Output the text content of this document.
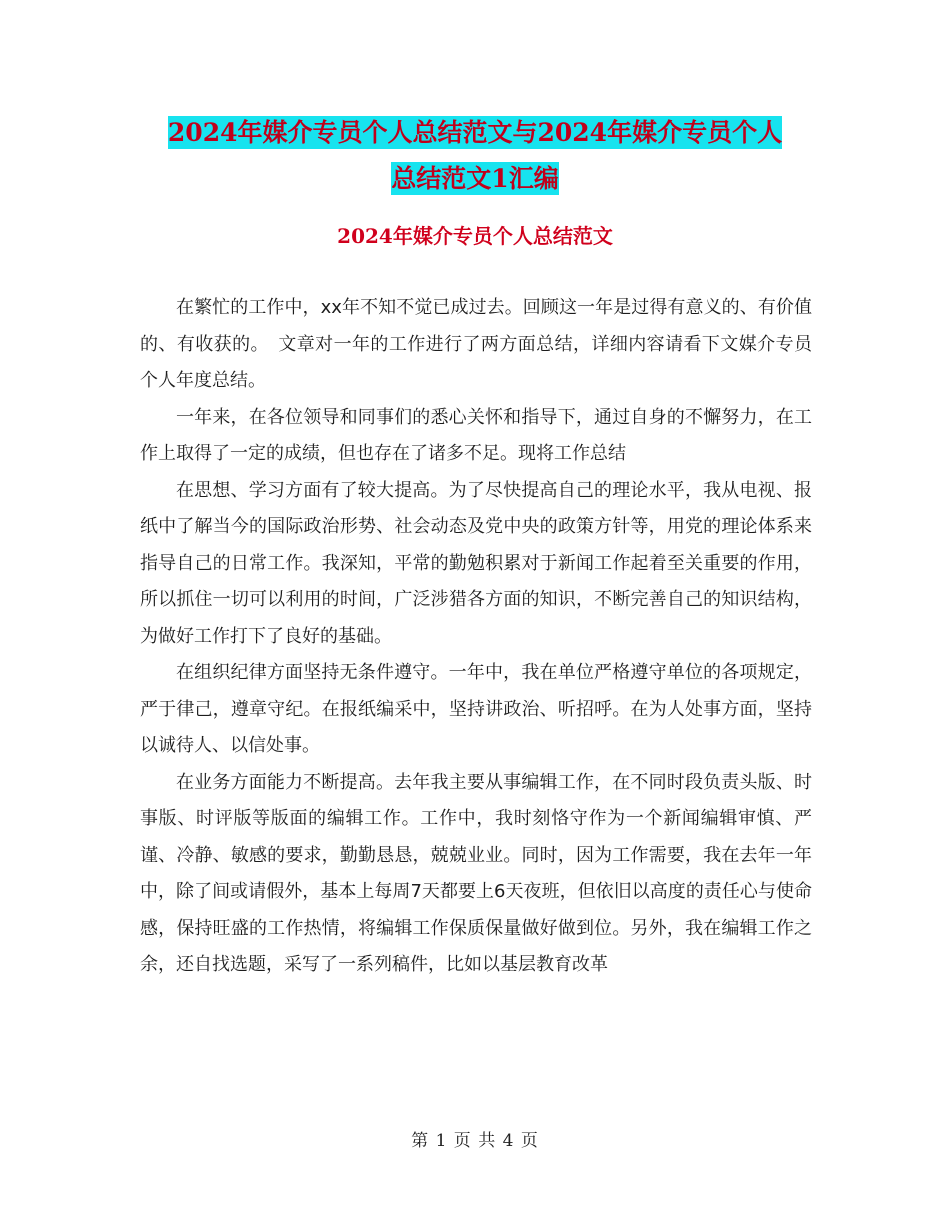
2024年媒介专员个人总结范文与2024年媒介专员个人
总结范文1汇编
2024年媒介专员个人总结范文

在繁忙的工作中，xx年不知不觉已成过去。回顾这一年是过得有意义的、有价值的、有收获的。　文章对一年的工作进行了两方面总结，详细内容请看下文媒介专员个人年度总结。

一年来，在各位领导和同事们的悉心关怀和指导下，通过自身的不懈努力，在工作上取得了一定的成绩，但也存在了诸多不足。现将工作总结

在思想、学习方面有了较大提高。为了尽快提高自己的理论水平，我从电视、报纸中了解当今的国际政治形势、社会动态及党中央的政策方针等，用党的理论体系来指导自己的日常工作。我深知，平常的勤勉积累对于新闻工作起着至关重要的作用，所以抓住一切可以利用的时间，广泛涉猎各方面的知识，不断完善自己的知识结构，为做好工作打下了良好的基础。

在组织纪律方面坚持无条件遵守。一年中，我在单位严格遵守单位的各项规定，严于律己，遵章守纪。在报纸编采中，坚持讲政治、听招呼。在为人处事方面，坚持以诚待人、以信处事。

在业务方面能力不断提高。去年我主要从事编辑工作，在不同时段负责头版、时事版、时评版等版面的编辑工作。工作中，我时刻恪守作为一个新闻编辑审慎、严谨、冷静、敏感的要求，勤勤恳恳，兢兢业业。同时，因为工作需要，我在去年一年中，除了间或请假外，基本上每周7天都要上6天夜班，但依旧以高度的责任心与使命感，保持旺盛的工作热情，将编辑工作保质保量做好做到位。另外，我在编辑工作之余，还自找选题，采写了一系列稿件，比如以基层教育改革

第 1 页 共 4 页
